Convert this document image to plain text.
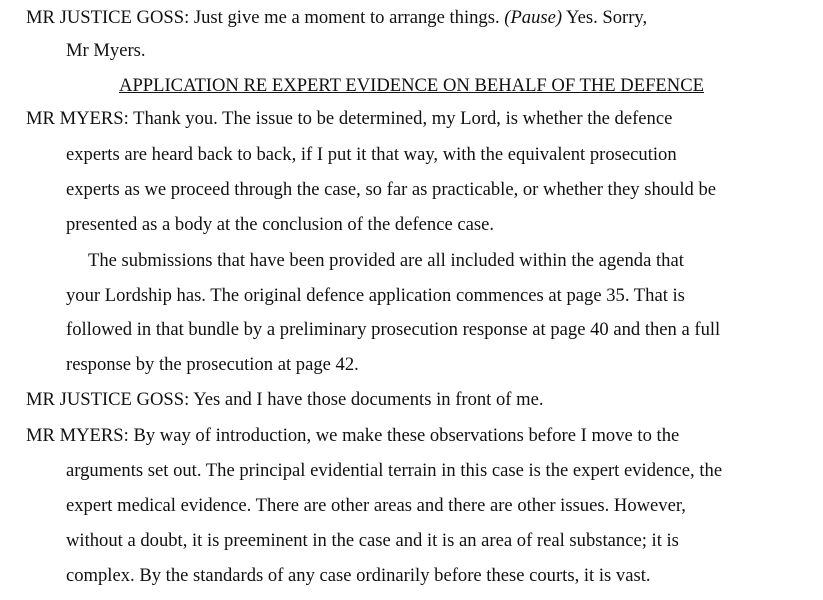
MR JUSTICE GOSS: Just give me a moment to arrange things. (Pause) Yes. Sorry,
Mr Myers.
APPLICATION RE EXPERT EVIDENCE ON BEHALF OF THE DEFENCE
MR MYERS: Thank you. The issue to be determined, my Lord, is whether the defence
experts are heard back to back, if I put it that way, with the equivalent prosecution
experts as we proceed through the case, so far as practicable, or whether they should be
presented as a body at the conclusion of the defence case.
The submissions that have been provided are all included within the agenda that
your Lordship has. The original defence application commences at page 35. That is
followed in that bundle by a preliminary prosecution response at page 40 and then a full
response by the prosecution at page 42.
MR JUSTICE GOSS: Yes and I have those documents in front of me.
MR MYERS: By way of introduction, we make these observations before I move to the
arguments set out. The principal evidential terrain in this case is the expert evidence, the
expert medical evidence. There are other areas and there are other issues. However,
without a doubt, it is preeminent in the case and it is an area of real substance; it is
complex. By the standards of any case ordinarily before these courts, it is vast.
